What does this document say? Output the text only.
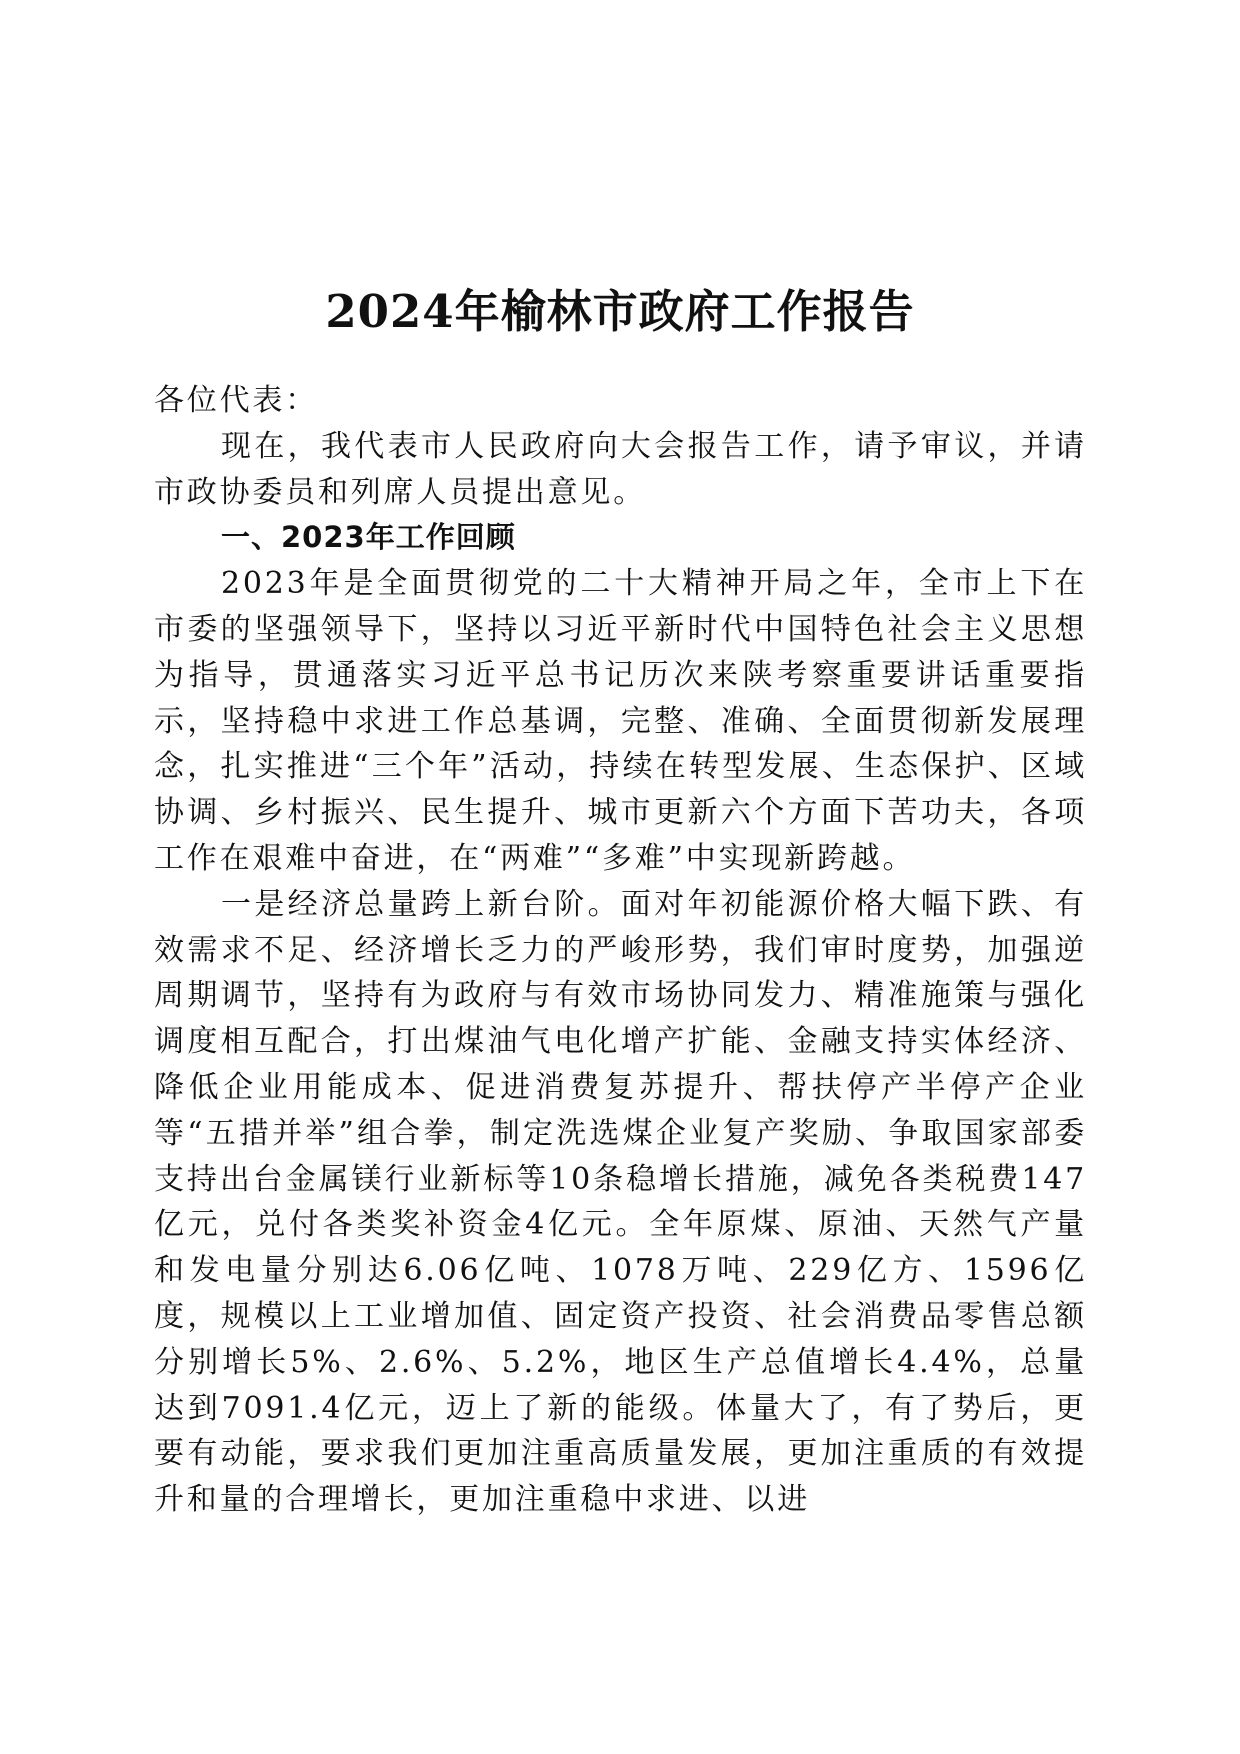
2024年榆林市政府工作报告

各位代表：

现在，我代表市人民政府向大会报告工作，请予审议，并请市政协委员和列席人员提出意见。

一、2023年工作回顾

2023年是全面贯彻党的二十大精神开局之年，全市上下在市委的坚强领导下，坚持以习近平新时代中国特色社会主义思想为指导，贯通落实习近平总书记历次来陕考察重要讲话重要指示，坚持稳中求进工作总基调，完整、准确、全面贯彻新发展理念，扎实推进“三个年”活动，持续在转型发展、生态保护、区域协调、乡村振兴、民生提升、城市更新六个方面下苦功夫，各项工作在艰难中奋进，在“两难”“多难”中实现新跨越。

一是经济总量跨上新台阶。面对年初能源价格大幅下跌、有效需求不足、经济增长乏力的严峻形势，我们审时度势，加强逆周期调节，坚持有为政府与有效市场协同发力、精准施策与强化调度相互配合，打出煤油气电化增产扩能、金融支持实体经济、降低企业用能成本、促进消费复苏提升、帮扶停产半停产企业等“五措并举”组合拳，制定洗选煤企业复产奖励、争取国家部委支持出台金属镁行业新标等10条稳增长措施，减免各类税费147亿元，兑付各类奖补资金4亿元。全年原煤、原油、天然气产量和发电量分别达6.06亿吨、1078万吨、229亿方、1596亿度，规模以上工业增加值、固定资产投资、社会消费品零售总额分别增长5%、2.6%、5.2%，地区生产总值增长4.4%，总量达到7091.4亿元，迈上了新的能级。体量大了，有了势后，更要有动能，要求我们更加注重高质量发展，更加注重质的有效提升和量的合理增长，更加注重稳中求进、以进
